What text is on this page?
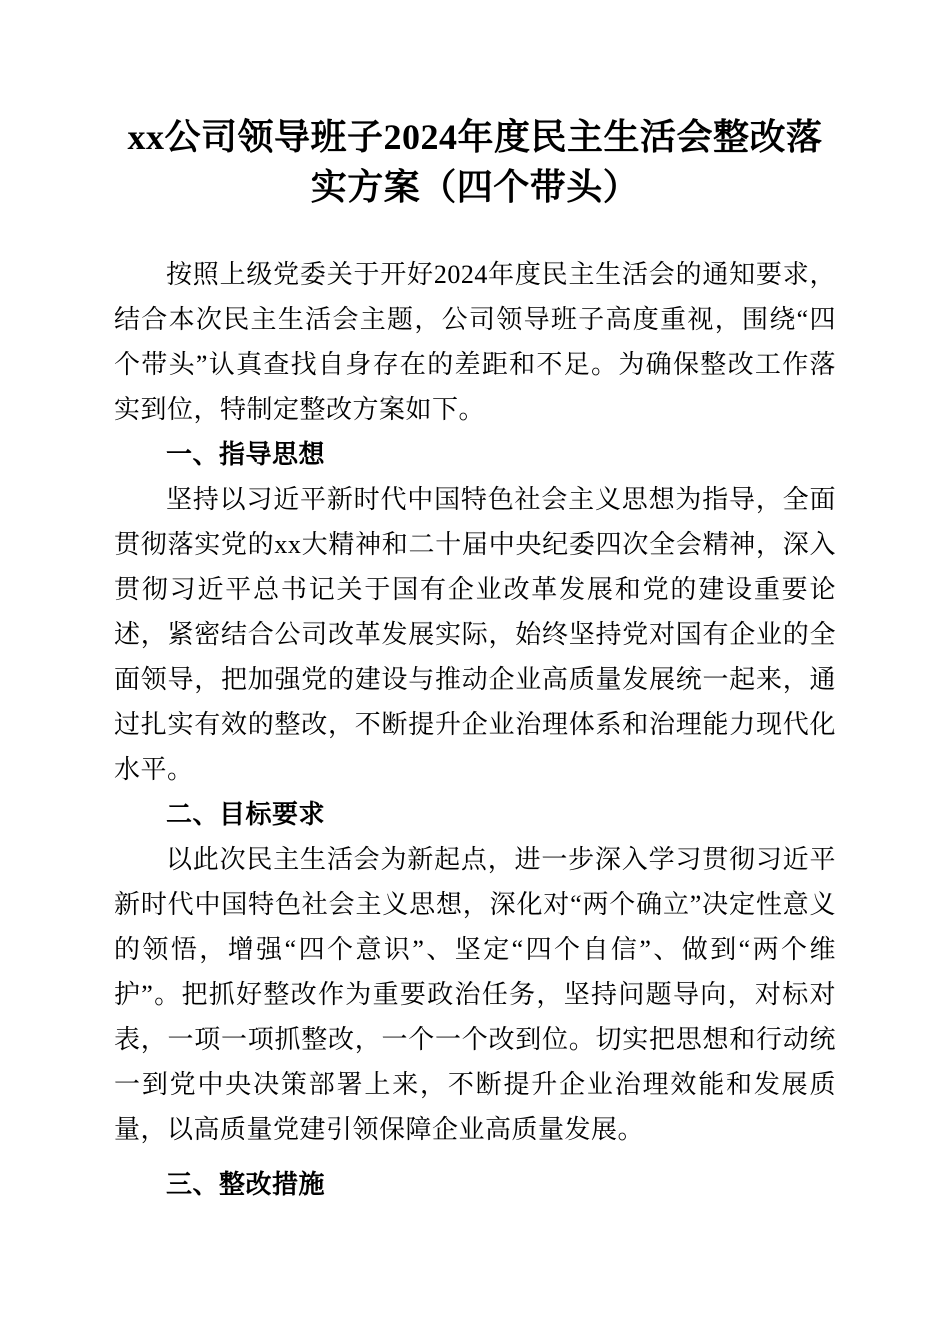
xx公司领导班子2024年度民主生活会整改落实方案（四个带头）

按照上级党委关于开好2024年度民主生活会的通知要求，结合本次民主生活会主题，公司领导班子高度重视，围绕“四个带头”认真查找自身存在的差距和不足。为确保整改工作落实到位，特制定整改方案如下。

一、指导思想

坚持以习近平新时代中国特色社会主义思想为指导，全面贯彻落实党的xx大精神和二十届中央纪委四次全会精神，深入贯彻习近平总书记关于国有企业改革发展和党的建设重要论述，紧密结合公司改革发展实际，始终坚持党对国有企业的全面领导，把加强党的建设与推动企业高质量发展统一起来，通过扎实有效的整改，不断提升企业治理体系和治理能力现代化水平。

二、目标要求

以此次民主生活会为新起点，进一步深入学习贯彻习近平新时代中国特色社会主义思想，深化对“两个确立”决定性意义的领悟，增强“四个意识”、坚定“四个自信”、做到“两个维护”。把抓好整改作为重要政治任务，坚持问题导向，对标对表，一项一项抓整改，一个一个改到位。切实把思想和行动统一到党中央决策部署上来，不断提升企业治理效能和发展质量，以高质量党建引领保障企业高质量发展。

三、整改措施
